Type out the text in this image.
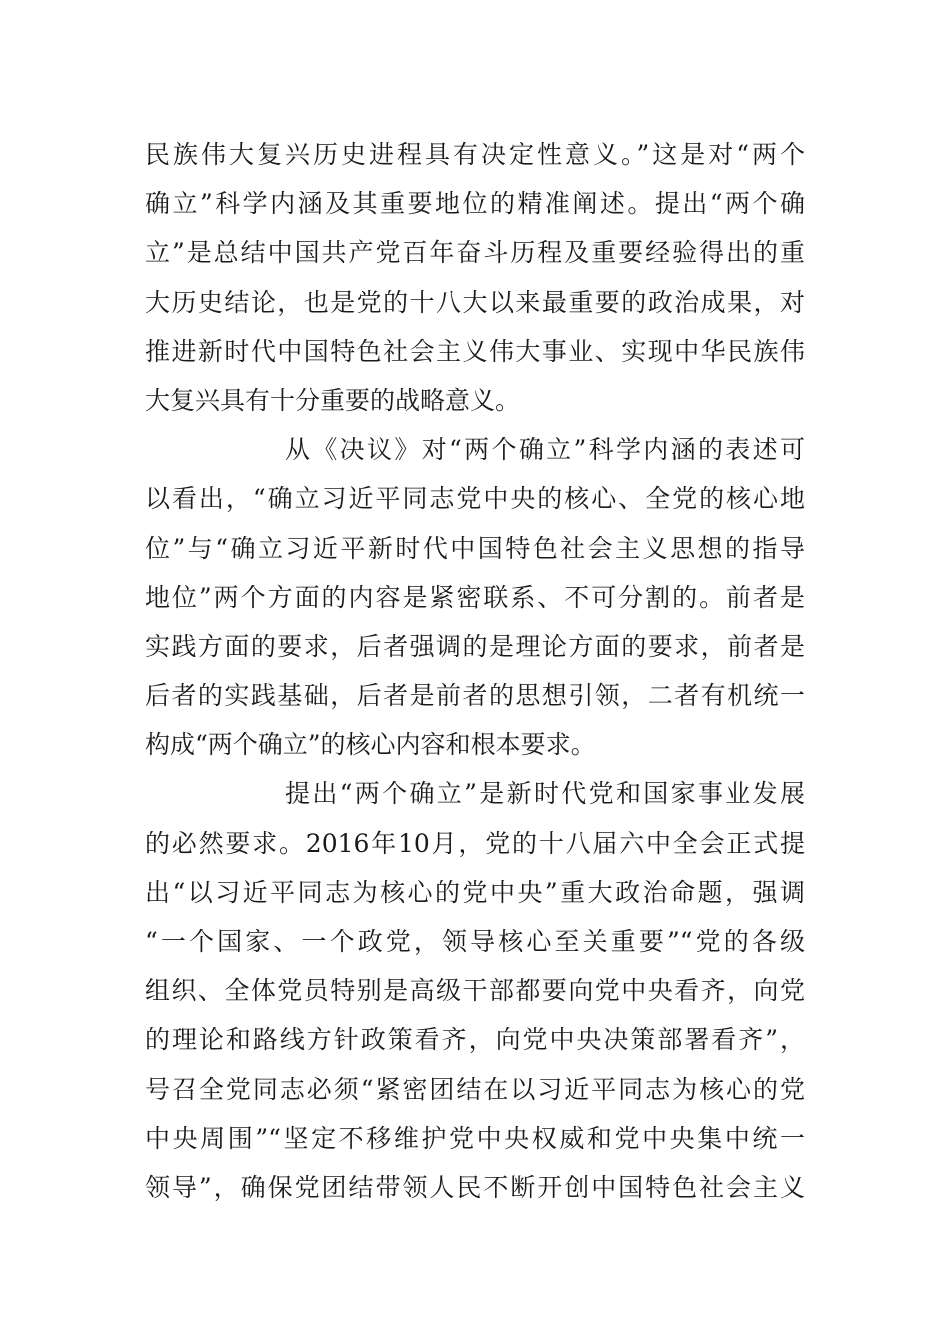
民族伟大复兴历史进程具有决定性意义。”这是对“两个
确立”科学内涵及其重要地位的精准阐述。提出“两个确
立”是总结中国共产党百年奋斗历程及重要经验得出的重
大历史结论，也是党的十八大以来最重要的政治成果，对
推进新时代中国特色社会主义伟大事业、实现中华民族伟
大复兴具有十分重要的战略意义。
从《决议》对“两个确立”科学内涵的表述可
以看出，“确立习近平同志党中央的核心、全党的核心地
位”与“确立习近平新时代中国特色社会主义思想的指导
地位”两个方面的内容是紧密联系、不可分割的。前者是
实践方面的要求，后者强调的是理论方面的要求，前者是
后者的实践基础，后者是前者的思想引领，二者有机统一
构成“两个确立”的核心内容和根本要求。
提出“两个确立”是新时代党和国家事业发展
的必然要求。2016年10月，党的十八届六中全会正式提
出“以习近平同志为核心的党中央”重大政治命题，强调
“一个国家、一个政党，领导核心至关重要”“党的各级
组织、全体党员特别是高级干部都要向党中央看齐，向党
的理论和路线方针政策看齐，向党中央决策部署看齐”，
号召全党同志必须“紧密团结在以习近平同志为核心的党
中央周围”“坚定不移维护党中央权威和党中央集中统一
领导”，确保党团结带领人民不断开创中国特色社会主义
